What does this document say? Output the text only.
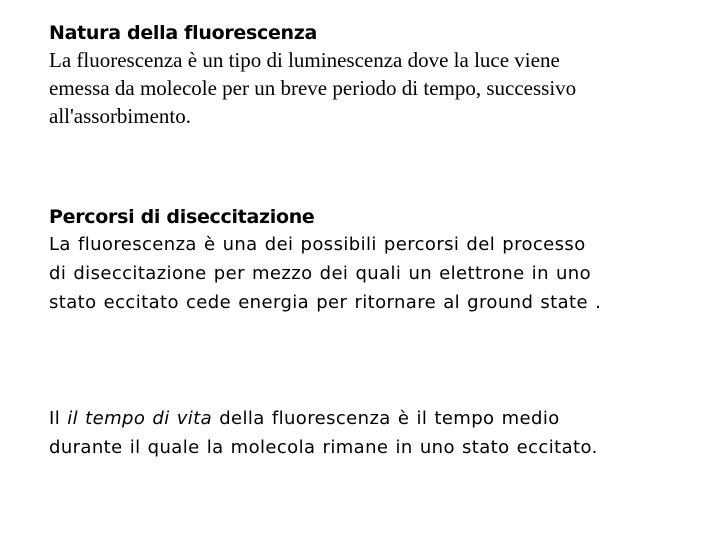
Natura della fluorescenza

La fluorescenza è un tipo di luminescenza dove la luce viene
emessa da molecole per un breve periodo di tempo, successivo
all'assorbimento.

Percorsi di diseccitazione

La fluorescenza è una dei possibili percorsi del processo
di diseccitazione per mezzo dei quali un elettrone in uno
stato eccitato cede energia per ritornare al ground state .

Il il tempo di vita della fluorescenza è il tempo medio
durante il quale la molecola rimane in uno stato eccitato.
